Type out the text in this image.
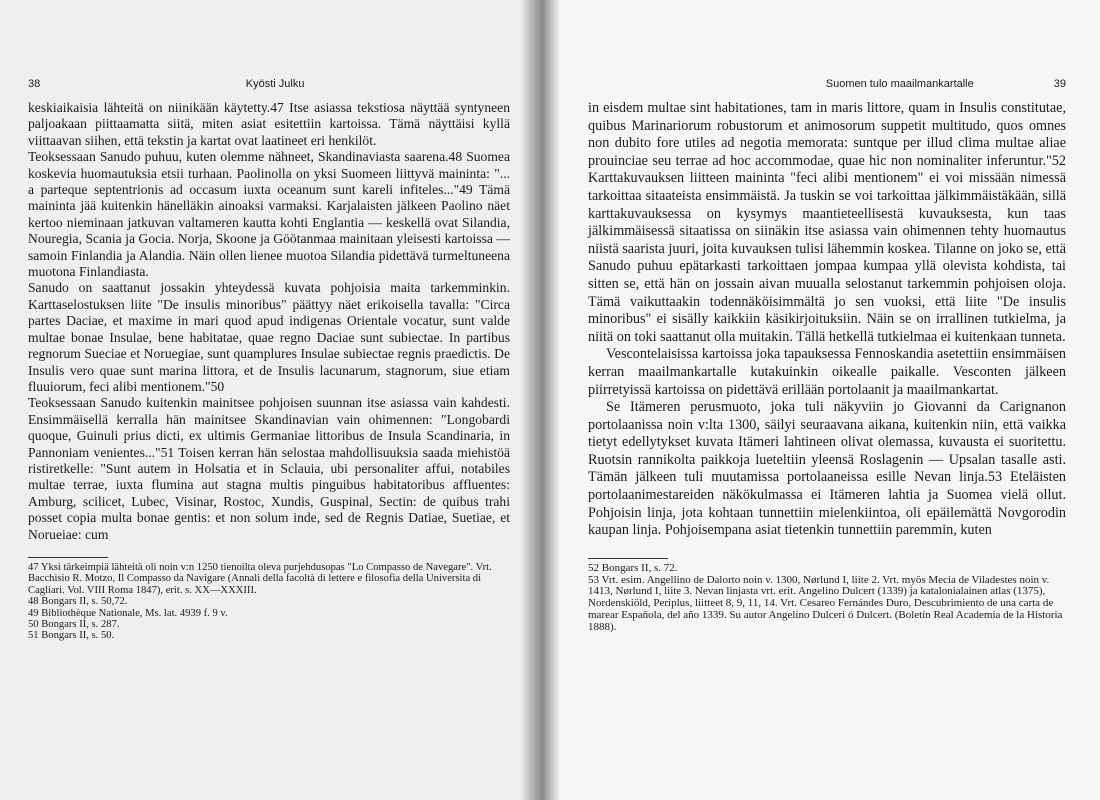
38	Kyösti Julku

keskiaikaisia lähteitä on niinikään käytetty.47 Itse asiassa tekstiosa näyttää syntyneen paljoakaan piittaamatta siitä, miten asiat esitettiin kartoissa. Tämä näyttäisi kyllä viittaavan siihen, että tekstin ja kartat ovat laatineet eri henkilöt.

Teoksessaan Sanudo puhuu, kuten olemme nähneet, Skandinaviasta saarena.48 Suomea koskevia huomautuksia etsii turhaan. Paolinolla on yksi Suomeen liittyvä maininta: "... a parteque septentrionis ad occasum iuxta oceanum sunt kareli infiteles..."49 Tämä maininta jää kuitenkin hänelläkin ainoaksi varmaksi. Karjalaisten jälkeen Paolino näet kertoo nieminaan jatkuvan valtameren kautta kohti Englantia — keskellä ovat Silandia, Nouregia, Scania ja Gocia. Norja, Skoone ja Göötanmaa mainitaan yleisesti kartoissa — samoin Finlandia ja Alandia. Näin ollen lienee muotoa Silandia pidettävä turmeltuneena muotona Finlandiasta.

Sanudo on saattanut jossakin yhteydessä kuvata pohjoisia maita tarkemminkin. Karttaselostuksen liite "De insulis minoribus" päättyy näet erikoisella tavalla: "Circa partes Daciae, et maxime in mari quod apud indigenas Orientale vocatur, sunt valde multae bonae Insulae, bene habitatae, quae regno Daciae sunt subiectae. In partibus regnorum Sueciae et Noruegiae, sunt quamplures Insulae subiectae regnis praedictis. De Insulis vero quae sunt marina littora, et de Insulis lacunarum, stagnorum, siue etiam fluuiorum, feci alibi mentionem."50

Teoksessaan Sanudo kuitenkin mainitsee pohjoisen suunnan itse asiassa vain kahdesti. Ensimmäisellä kerralla hän mainitsee Skandinavian vain ohimennen: "Longobardi quoque, Guinuli prius dicti, ex ultimis Germaniae littoribus de Insula Scandinaria, in Pannoniam venientes..."51 Toisen kerran hän selostaa mahdollisuuksia saada miehistöä ristiretkelle: "Sunt autem in Holsatia et in Sclauia, ubi personaliter affui, notabiles multae terrae, iuxta flumina aut stagna multis pinguibus habitatoribus affluentes: Amburg, scilicet, Lubec, Visinar, Rostoc, Xundis, Guspinal, Sectin: de quibus trahi posset copia multa bonae gentis: et non solum inde, sed de Regnis Datiae, Suetiae, et Norueiae: cum

47 Yksi tärkeimpiä lähteitä oli noin v:n 1250 tienoilta oleva purjehdusopas "Lo Compasso de Navegare". Vrt. Bacchisio R. Motzo, Il Compasso da Navigare (Annali della facoltà di lettere e filosofia della Universita di Cagliari. Vol. VIII Roma 1847), erit. s. XX—XXXIII.
48 Bongars II, s. 50,72.
49 Bibliothèque Nationale, Ms. lat. 4939 f. 9 v.
50 Bongars II, s. 287.
51 Bongars II, s. 50.
Suomen tulo maailmankartalle	39

in eisdem multae sint habitationes, tam in maris littore, quam in Insulis constitutae, quibus Marinariorum robustorum et animosorum suppetit multitudo, quos omnes non dubito fore utiles ad negotia memorata: suntque per illud clima multae aliae prouinciae seu terrae ad hoc accommodae, quae hic non nominaliter inferuntur."52 Karttakuvauksen liitteen maininta "feci alibi mentionem" ei voi missään nimessä tarkoittaa sitaateista ensimmäistä. Ja tuskin se voi tarkoittaa jälkimmäistäkään, sillä karttakuvauksessa on kysymys maantieteellisestä kuvauksesta, kun taas jälkimmäisessä sitaatissa on siinäkin itse asiassa vain ohimennen tehty huomautus niistä saarista juuri, joita kuvauksen tulisi lähemmin koskea. Tilanne on joko se, että Sanudo puhuu epätarkasti tarkoittaen jompaa kumpaa yllä olevista kohdista, tai sitten se, että hän on jossain aivan muualla selostanut tarkemmin pohjoisen oloja. Tämä vaikuttaakin todennäköisimmältä jo sen vuoksi, että liite "De insulis minoribus" ei sisälly kaikkiin käsikirjoituksiin. Näin se on irrallinen tutkielma, ja niitä on toki saattanut olla muitakin. Tällä hetkellä tutkielmaa ei kuitenkaan tunneta.

Vescontelaisissa kartoissa joka tapauksessa Fennoskandia asetettiin ensimmäisen kerran maailmankartalle kutakuinkin oikealle paikalle. Vesconten jälkeen piirretyissä kartoissa on pidettävä erillään portolaanit ja maailmankartat.

Se Itämeren perusmuoto, joka tuli näkyviin jo Giovanni da Carignanon portolaanissa noin v:lta 1300, säilyi seuraavana aikana, kuitenkin niin, että vaikka tietyt edellytykset kuvata Itämeri lahtineen olivat olemassa, kuvausta ei suoritettu. Ruotsin rannikolta paikkoja lueteltiin yleensä Roslagenin — Upsalan tasalle asti. Tämän jälkeen tuli muutamissa portolaaneissa esille Nevan linja.53 Eteläisten portolaanimestareiden näkökulmassa ei Itämeren lahtia ja Suomea vielä ollut. Pohjoisin linja, jota kohtaan tunnettiin mielenkiintoa, oli epäilemättä Novgorodin kaupan linja. Pohjoisempana asiat tietenkin tunnettiin paremmin, kuten

52 Bongars II, s. 72.
53 Vrt. esim. Angellino de Dalorto noin v. 1300, Nørlund I, liite 2. Vrt. myös Mecia de Viladestes noin v. 1413, Nørlund I, liite 3. Nevan linjasta vrt. erit. Angelino Dulcert (1339) ja katalonialainen atlas (1375), Nordenskiöld, Periplus, liitteet 8, 9, 11, 14. Vrt. Cesareo Fernándes Duro, Descubrimiento de una carta de marear Española, del año 1339. Su autor Angelino Dulceri ó Dulcert. (Boletín Real Academia de la Historia 1888).
